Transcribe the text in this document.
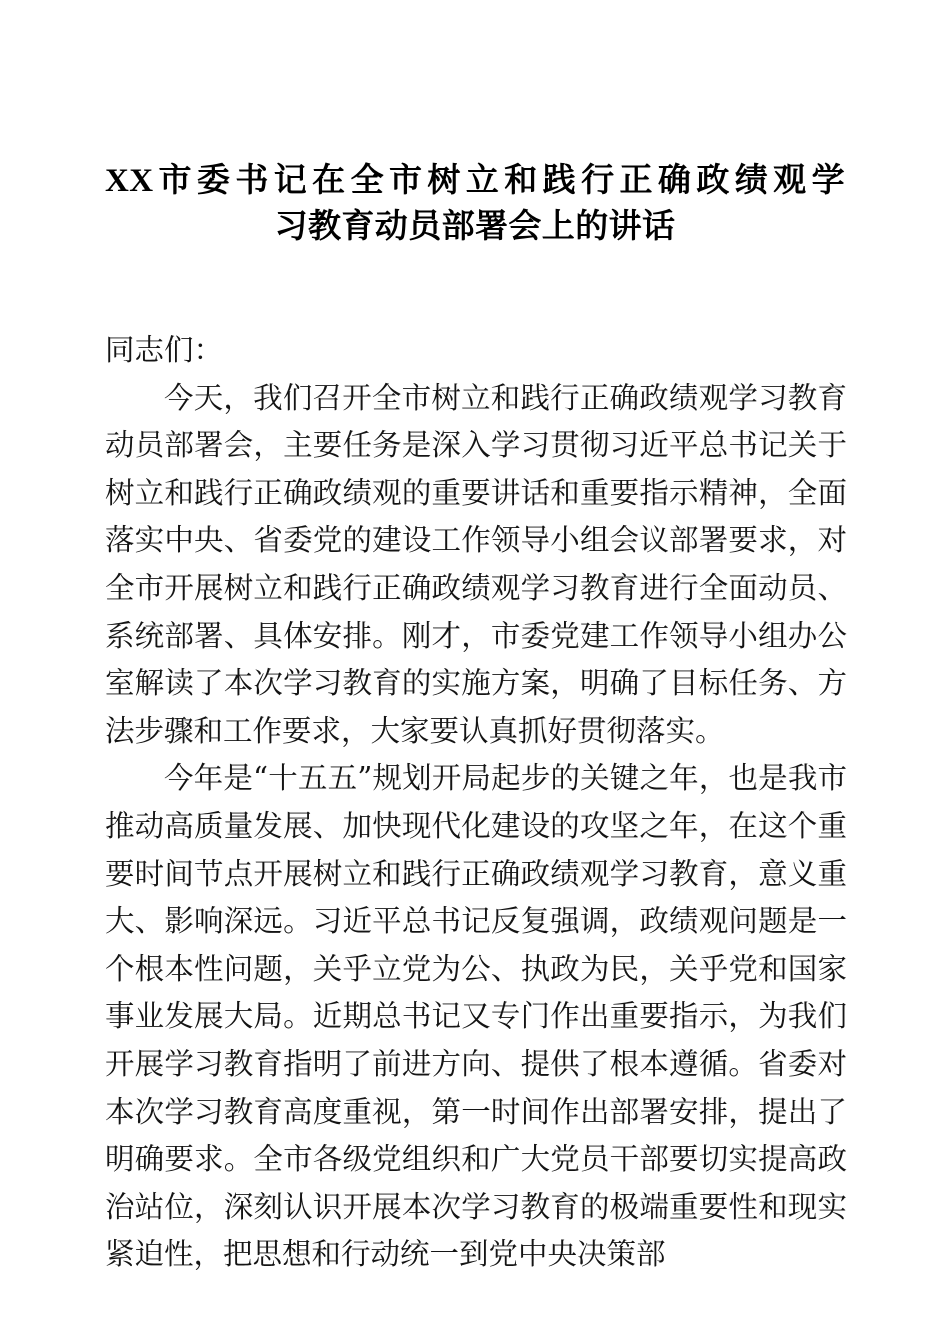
XX市委书记在全市树立和践行正确政绩观学
习教育动员部署会上的讲话

同志们：

今天，我们召开全市树立和践行正确政绩观学习教育动员部署会，主要任务是深入学习贯彻习近平总书记关于树立和践行正确政绩观的重要讲话和重要指示精神，全面落实中央、省委党的建设工作领导小组会议部署要求，对全市开展树立和践行正确政绩观学习教育进行全面动员、系统部署、具体安排。刚才，市委党建工作领导小组办公室解读了本次学习教育的实施方案，明确了目标任务、方法步骤和工作要求，大家要认真抓好贯彻落实。

今年是“十五五”规划开局起步的关键之年，也是我市推动高质量发展、加快现代化建设的攻坚之年，在这个重要时间节点开展树立和践行正确政绩观学习教育，意义重大、影响深远。习近平总书记反复强调，政绩观问题是一个根本性问题，关乎立党为公、执政为民，关乎党和国家事业发展大局。近期总书记又专门作出重要指示，为我们开展学习教育指明了前进方向、提供了根本遵循。省委对本次学习教育高度重视，第一时间作出部署安排，提出了明确要求。全市各级党组织和广大党员干部要切实提高政治站位，深刻认识开展本次学习教育的极端重要性和现实紧迫性，把思想和行动统一到党中央决策部
